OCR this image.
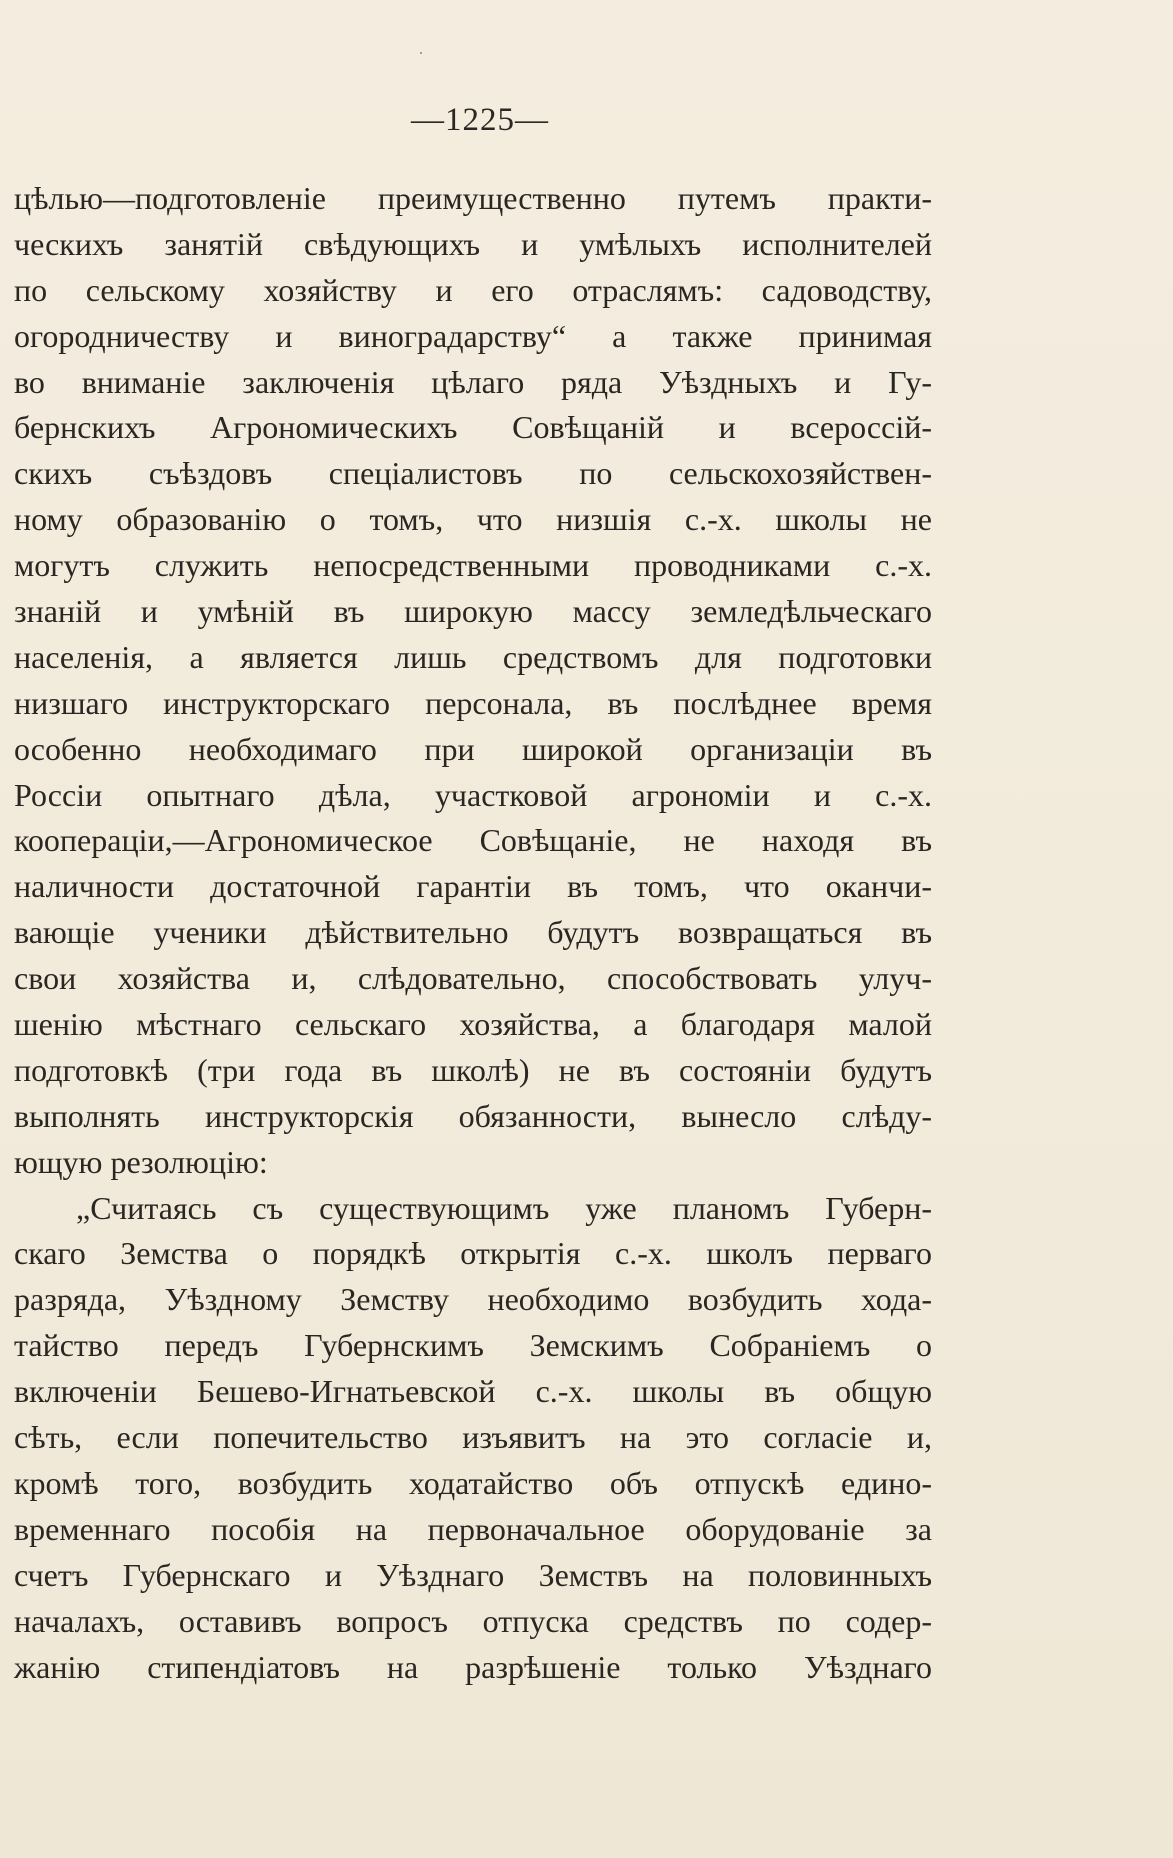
—1225—
цѣлью—подготовленіе преимущественно путемъ практи-
ческихъ занятій свѣдующихъ и умѣлыхъ исполнителей
по сельскому хозяйству и его отраслямъ: садоводству,
огородничеству и виноградарству“ а также принимая
во вниманіе заключенія цѣлаго ряда Уѣздныхъ и Гу-
бернскихъ Агрономическихъ Совѣщаній и всероссій-
скихъ съѣздовъ спеціалистовъ по сельскохозяйствен-
ному образованію о томъ, что низшія с.-х. школы не
могутъ служить непосредственными проводниками с.-х.
знаній и умѣній въ широкую массу земледѣльческаго
населенія, а является лишь средствомъ для подготовки
низшаго инструкторскаго персонала, въ послѣднее время
особенно необходимаго при широкой организаціи въ
Россіи опытнаго дѣла, участковой агрономіи и с.-х.
коопераціи,—Агрономическое Совѣщаніе, не находя въ
наличности достаточной гарантіи въ томъ, что оканчи-
вающіе ученики дѣйствительно будутъ возвращаться въ
свои хозяйства и, слѣдовательно, способствовать улуч-
шенію мѣстнаго сельскаго хозяйства, а благодаря малой
подготовкѣ (три года въ школѣ) не въ состояніи будутъ
выполнять инструкторскія обязанности, вынесло слѣду-
ющую резолюцію:
„Считаясь съ существующимъ уже планомъ Губерн-
скаго Земства о порядкѣ открытія с.-х. школъ перваго
разряда, Уѣздному Земству необходимо возбудить хода-
тайство передъ Губернскимъ Земскимъ Собраніемъ о
включеніи Бешево-Игнатьевской с.-х. школы въ общую
сѣть, если попечительство изъявитъ на это согласіе и,
кромѣ того, возбудить ходатайство объ отпускѣ едино-
временнаго пособія на первоначальное оборудованіе за
счетъ Губернскаго и Уѣзднаго Земствъ на половинныхъ
началахъ, оставивъ вопросъ отпуска средствъ по содер-
жанію стипендіатовъ на разрѣшеніе только Уѣзднаго
